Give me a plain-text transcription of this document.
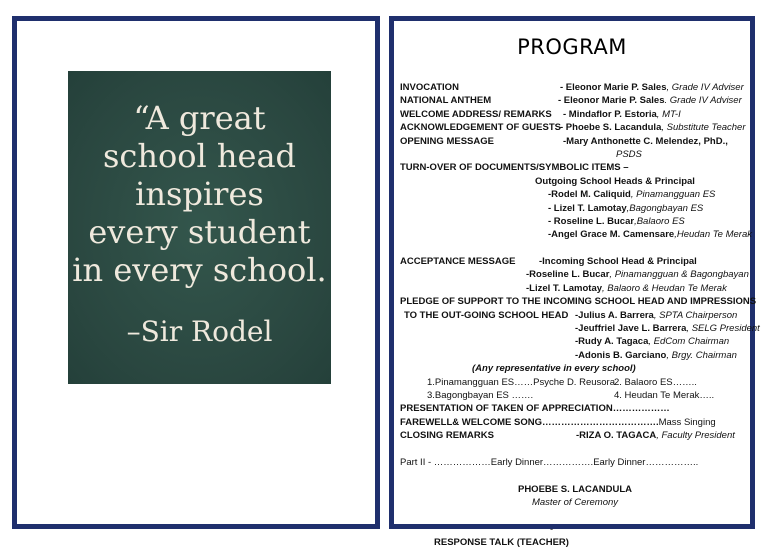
“A great
school head
inspires
every student
in every school.
–Sir Rodel
PROGRAM
INVOCATION	- Eleonor Marie P. Sales, Grade IV Adviser
NATIONAL ANTHEM	- Eleonor Marie P. Sales. Grade IV Adviser
WELCOME ADDRESS/ REMARKS - Mindaflor P. Estoria, MT-I
ACKNOWLEDGEMENT OF GUESTS - Phoebe S. Lacandula, Substitute Teacher
OPENING MESSAGE	-Mary Anthonette C. Melendez, PhD.,
PSDS
TURN-OVER OF DOCUMENTS/SYMBOLIC ITEMS –
Outgoing School Heads & Principal
-Rodel M. Caliquid, Pinamangguan ES
- Lizel T. Lamotay,Bagongbayan ES
- Roseline L. Bucar,Balaoro ES
-Angel Grace M. Camensare,Heudan Te Merak
ACCEPTANCE MESSAGE -Incoming School Head & Principal
-Roseline L. Bucar, Pinamangguan & Bagongbayan
-Lizel T. Lamotay, Balaoro & Heudan Te Merak
PLEDGE OF SUPPORT TO THE INCOMING SCHOOL HEAD AND IMPRESSIONS
TO THE OUT-GOING SCHOOL HEAD -Julius A. Barrera, SPTA Chairperson
-Jeuffriel Jave L. Barrera, SELG President
-Rudy A. Tagaca, EdCom Chairman
-Adonis B. Garciano, Brgy. Chairman
(Any representative in every school)
1.Pinamangguan ES……Psyche D. Reusora 2. Balaoro ES……..
3.Bagongbayan ES …….	4. Heudan Te Merak…..
PRESENTATION OF TAKEN OF APPRECIATION………………
FAREWELL& WELCOME SONG……………………………….Mass Singing
CLOSING REMARKS	-RIZA O. TAGACA, Faculty President
Part II - ………………Early Dinner…………….Early Dinner……………..
PHOEBE S. LACANDULA
Master of Ceremony
-
RESPONSE TALK (TEACHER)
